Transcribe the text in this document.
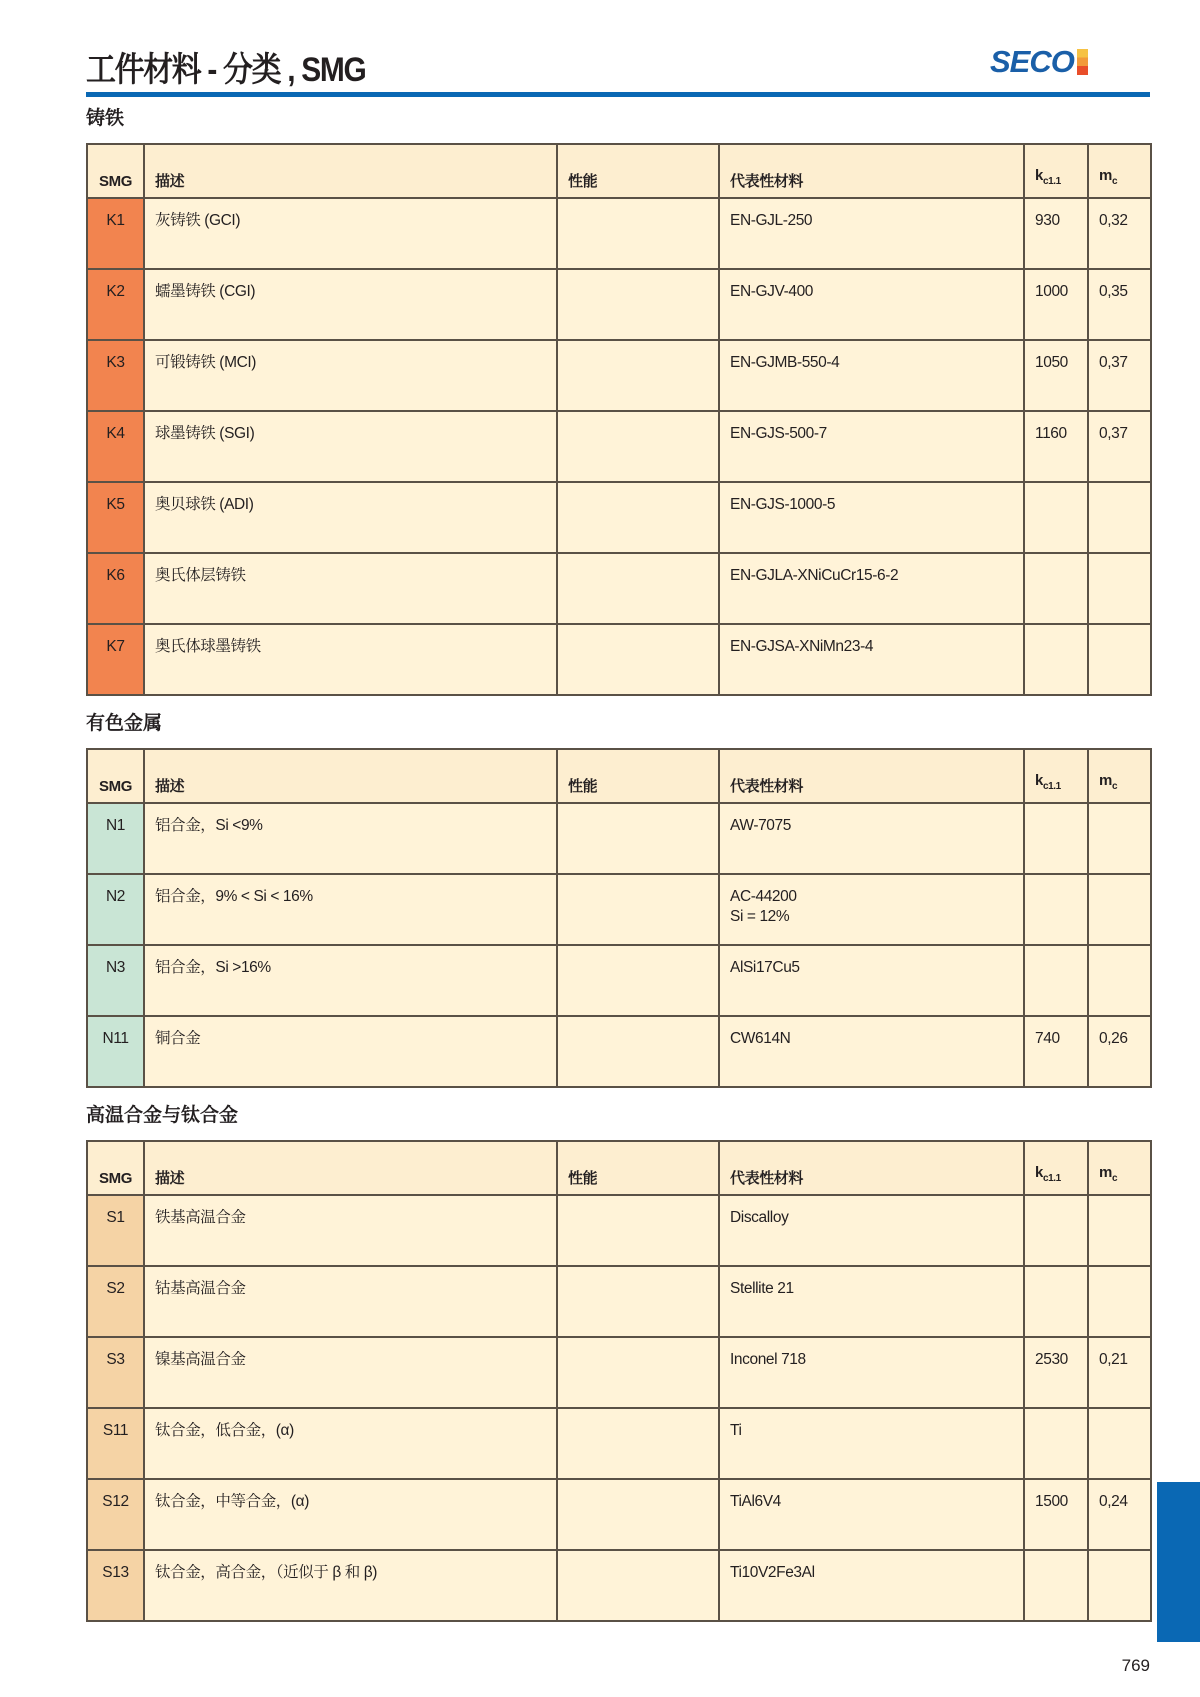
工件材料 - 分类 , SMG	SECO
铸铁
SMG	描述	性能	代表性材料	$k_{c1.1}$	$m_c$
K1	灰铸铁 (GCI)		EN-GJL-250	930	0,32
K2	蠕墨铸铁 (CGI)		EN-GJV-400	1000	0,35
K3	可锻铸铁 (MCI)		EN-GJMB-550-4	1050	0,37
K4	球墨铸铁 (SGI)		EN-GJS-500-7	1160	0,37
K5	奥贝球铁 (ADI)		EN-GJS-1000-5		
K6	奥氏体层铸铁		EN-GJLA-XNiCuCr15-6-2		
K7	奥氏体球墨铸铁		EN-GJSA-XNiMn23-4		
有色金属
SMG	描述	性能	代表性材料	$k_{c1.1}$	$m_c$
N1	铝合金，Si <9%		AW-7075		
N2	铝合金，9% < Si < 16%		AC-44200
Si = 12%		

N3	铝合金，Si >16%		AlSi17Cu5		
N11	铜合金		CW614N	740	0,26
高温合金与钛合金
SMG	描述	性能	代表性材料	$k_{c1.1}$	$m_c$
S1	铁基高温合金		Discalloy		
S2	钴基高温合金		Stellite 21		
S3	镍基高温合金		Inconel 718	2530	0,21
S11	钛合金，低合金，(α)		Ti		
S12	钛合金，中等合金，(α)		TiAl6V4	1500	0,24
S13	钛合金，高合金，（近似于 β 和 β)		Ti10V2Fe3Al		
769
